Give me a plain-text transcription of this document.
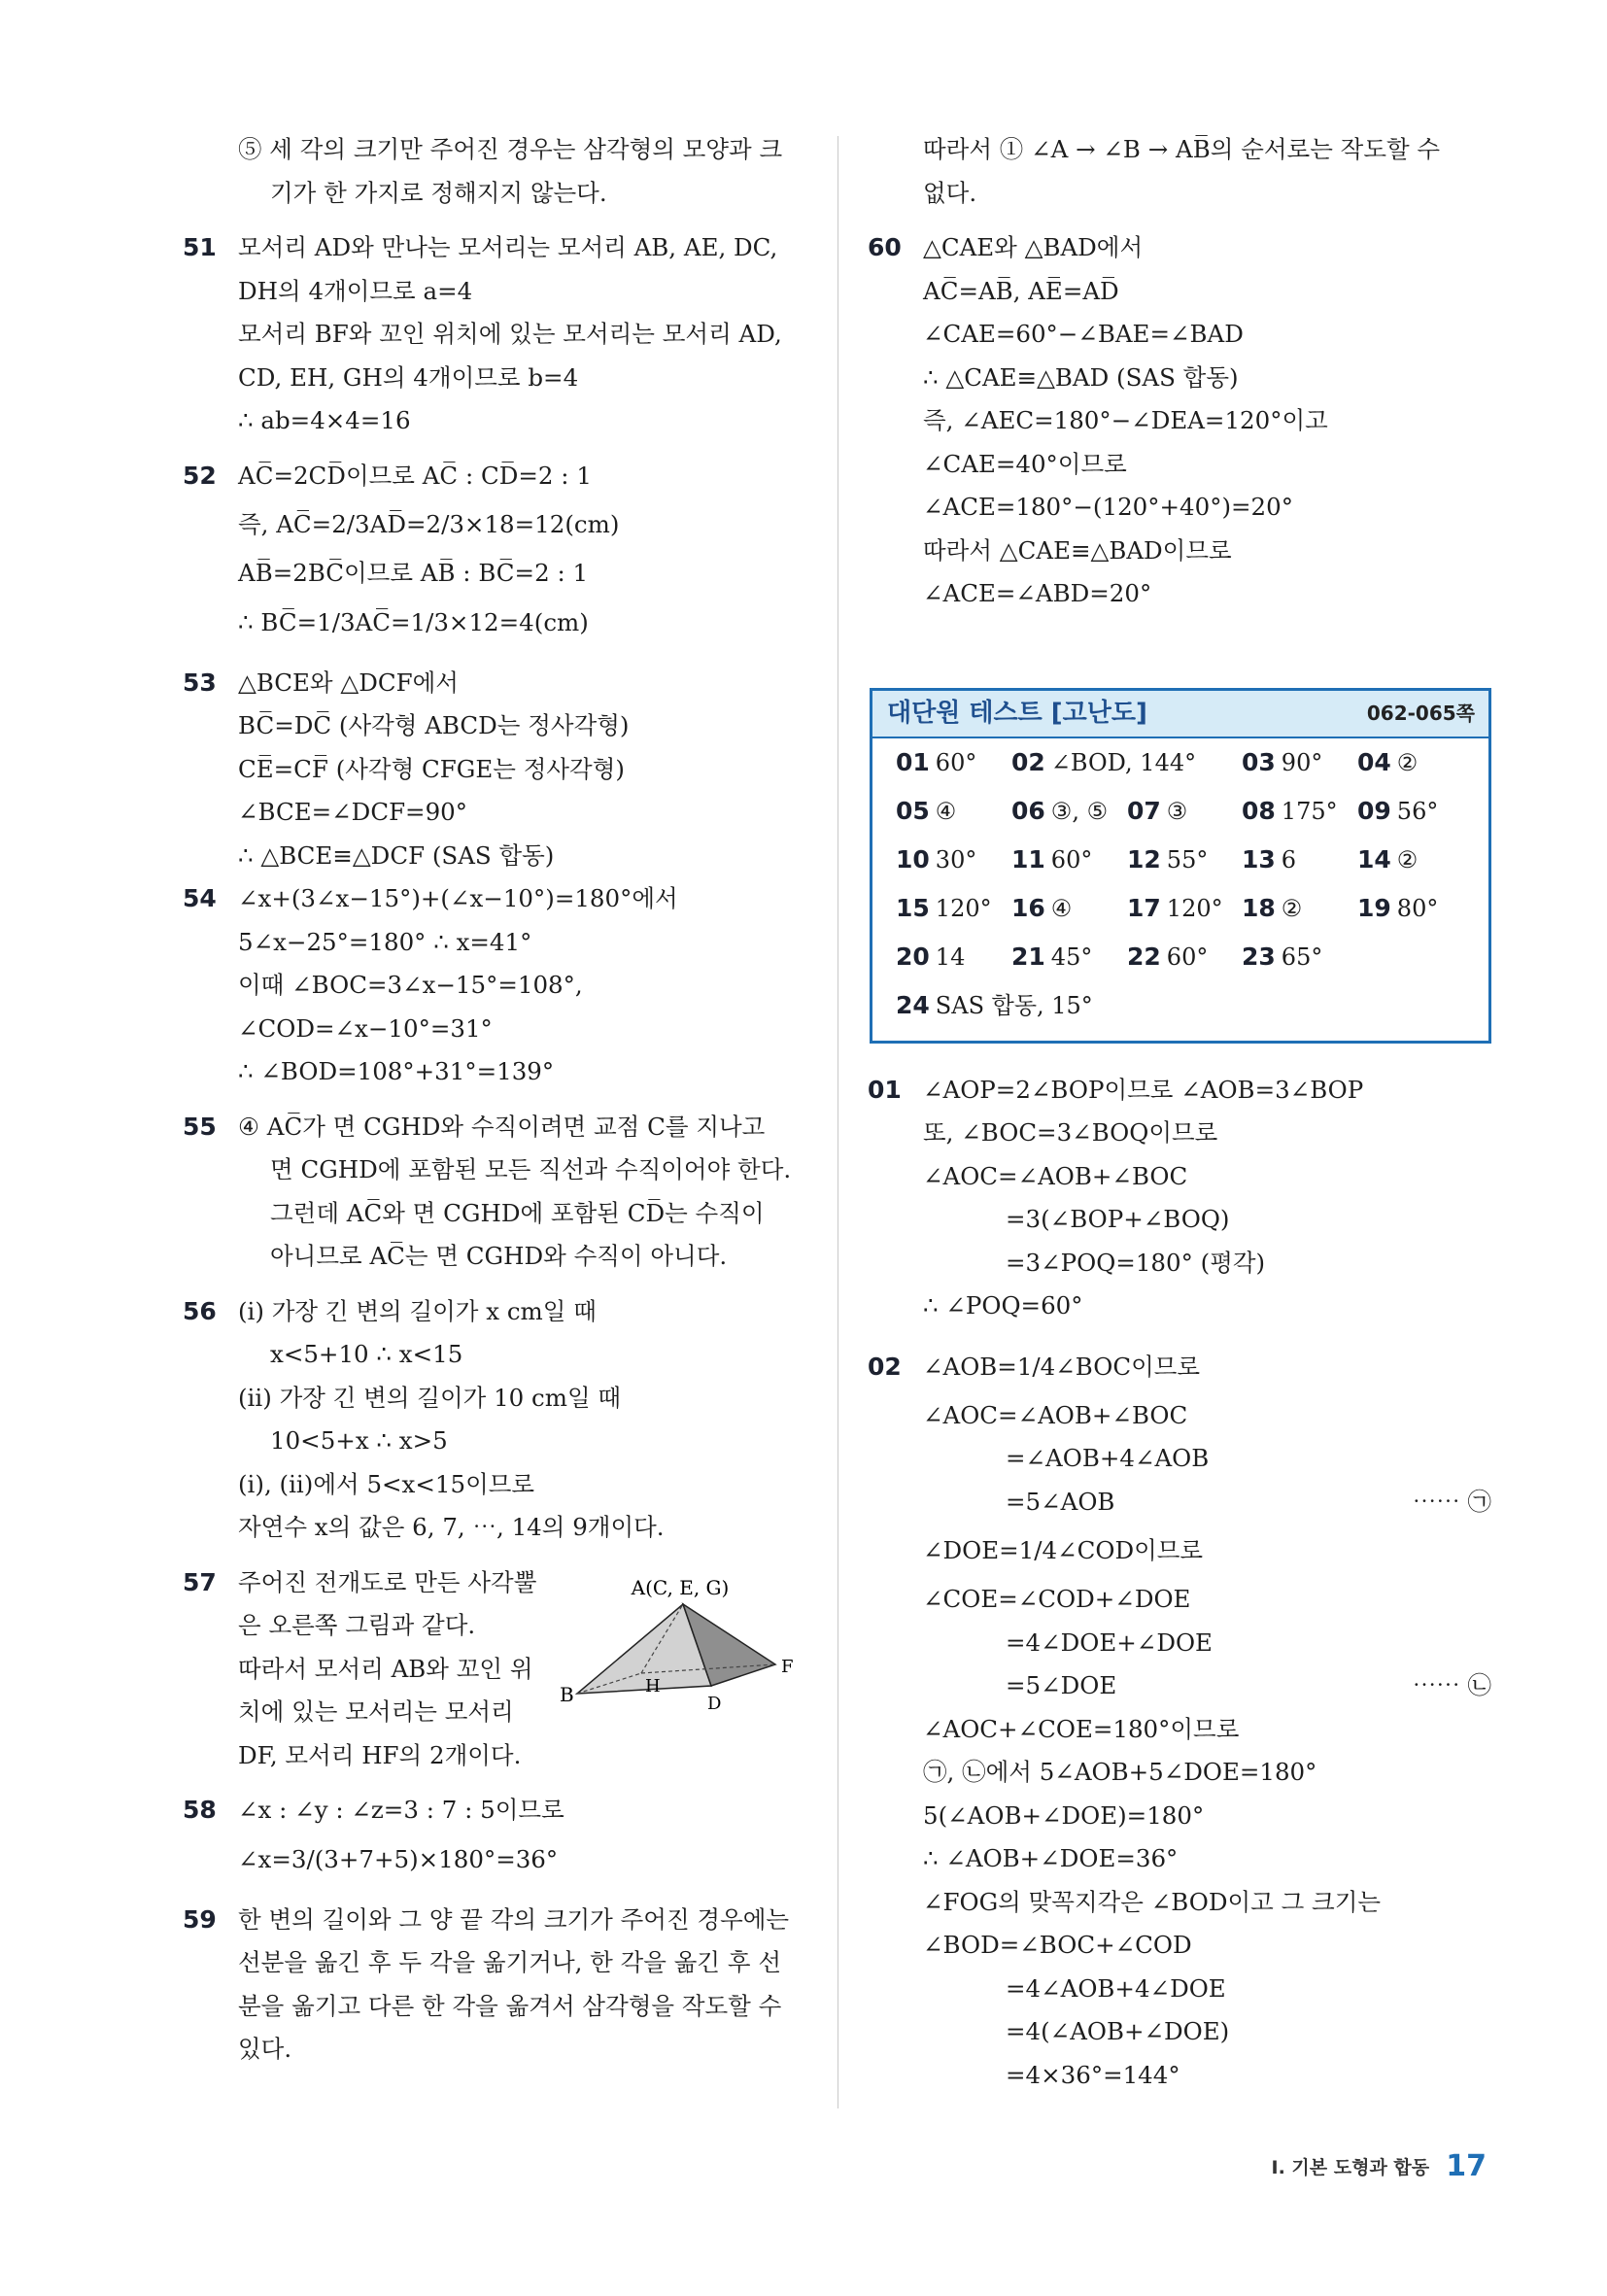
⑤ 세 각의 크기만 주어진 경우는 삼각형의 모양과 크
기가 한 가지로 정해지지 않는다.
51 모서리 AD와 만나는 모서리는 모서리 AB, AE, DC,
DH의 4개이므로 a=4
모서리 BF와 꼬인 위치에 있는 모서리는 모서리 AD,
CD, EH, GH의 4개이므로 b=4
∴ ab=4×4=16
52 AC̅=2CD̅이므로 AC̅ : CD̅=2 : 1
즉, AC̅=2/3AD̅=2/3×18=12(cm)
AB̅=2BC̅이므로 AB̅ : BC̅=2 : 1
∴ BC̅=1/3AC̅=1/3×12=4(cm)
53 △BCE와 △DCF에서
BC̅=DC̅ (사각형 ABCD는 정사각형)
CE̅=CF̅ (사각형 CFGE는 정사각형)
∠BCE=∠DCF=90°
∴ △BCE≡△DCF (SAS 합동)
54 ∠x+(3∠x−15°)+(∠x−10°)=180°에서
5∠x−25°=180° ∴ x=41°
이때 ∠BOC=3∠x−15°=108°,
∠COD=∠x−10°=31°
∴ ∠BOD=108°+31°=139°
55 ④ AC̅가 면 CGHD와 수직이려면 교점 C를 지나고
면 CGHD에 포함된 모든 직선과 수직이어야 한다.
그런데 AC̅와 면 CGHD에 포함된 CD̅는 수직이
아니므로 AC̅는 면 CGHD와 수직이 아니다.
56 (i) 가장 긴 변의 길이가 x cm일 때
x<5+10 ∴ x<15
(ii) 가장 긴 변의 길이가 10 cm일 때
10<5+x ∴ x>5
(i), (ii)에서 5<x<15이므로
자연수 x의 값은 6, 7, ⋯, 14의 9개이다.
57 주어진 전개도로 만든 사각뿔
은 오른쪽 그림과 같다.
따라서 모서리 AB와 꼬인 위
치에 있는 모서리는 모서리
DF, 모서리 HF의 2개이다.
A(C, E, G)
B	H
F
D
58 ∠x : ∠y : ∠z=3 : 7 : 5이므로
∠x=3/(3+7+5)×180°=36°
59 한 변의 길이와 그 양 끝 각의 크기가 주어진 경우에는
선분을 옮긴 후 두 각을 옮기거나, 한 각을 옮긴 후 선
분을 옮기고 다른 한 각을 옮겨서 삼각형을 작도할 수
있다.
따라서 ① ∠A → ∠B → AB̅의 순서로는 작도할 수
없다.
60 △CAE와 △BAD에서
AC̅=AB̅, AE̅=AD̅
∠CAE=60°−∠BAE=∠BAD
∴ △CAE≡△BAD (SAS 합동)
즉, ∠AEC=180°−∠DEA=120°이고
∠CAE=40°이므로
∠ACE=180°−(120°+40°)=20°
따라서 △CAE≡△BAD이므로
∠ACE=∠ABD=20°
대단원 테스트 [고난도]	062-065쪽
01 60° 02 ∠BOD, 144° 03 90° 04 ②
05 ④ 06 ③, ⑤ 07 ③ 08 175° 09 56°
10 30° 11 60° 12 55° 13 6	14 ②
15 120° 16 ④ 17 120° 18 ② 19 80°
20 14 21 45° 22 60° 23 65°
24 SAS 합동, 15°
01 ∠AOP=2∠BOP이므로 ∠AOB=3∠BOP
또, ∠BOC=3∠BOQ이므로
∠AOC=∠AOB+∠BOC
=3(∠BOP+∠BOQ)
=3∠POQ=180° (평각)
∴ ∠POQ=60°
02 ∠AOB=1/4∠BOC이므로
∠AOC=∠AOB+∠BOC
=∠AOB+4∠AOB
=5∠AOB	⋯⋯ ㉠
∠DOE=1/4∠COD이므로
∠COE=∠COD+∠DOE
=4∠DOE+∠DOE
=5∠DOE	⋯⋯ ㉡
∠AOC+∠COE=180°이므로
㉠, ㉡에서 5∠AOB+5∠DOE=180°
5(∠AOB+∠DOE)=180°
∴ ∠AOB+∠DOE=36°
∠FOG의 맞꼭지각은 ∠BOD이고 그 크기는
∠BOD=∠BOC+∠COD
=4∠AOB+4∠DOE
=4(∠AOB+∠DOE)
=4×36°=144°
I. 기본 도형과 합동 17
